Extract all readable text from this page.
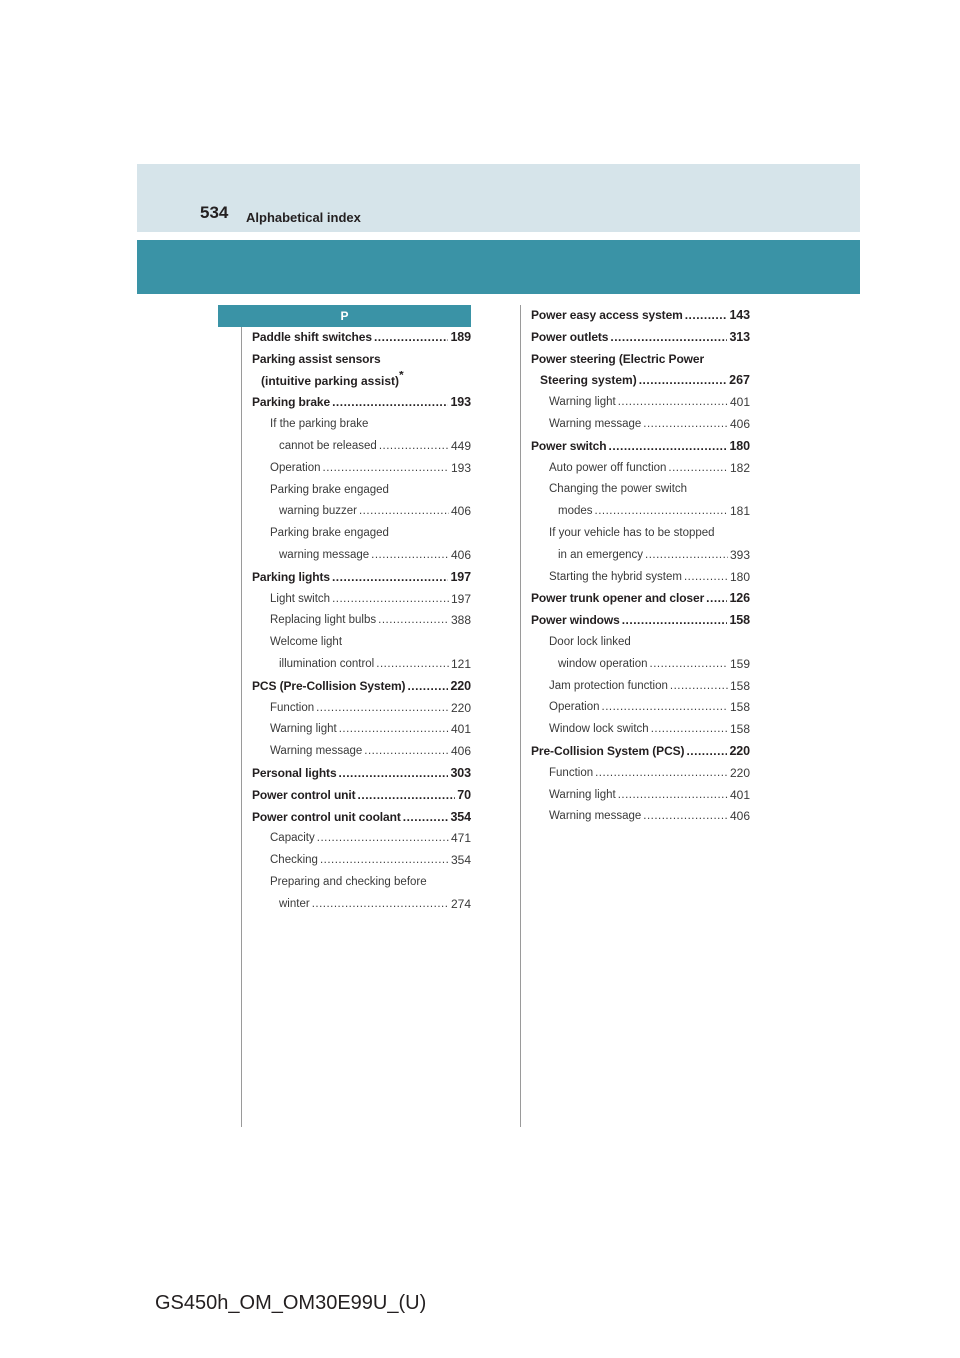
534 Alphabetical index
P
Paddle shift switches .....	189
Parking assist sensors
(intuitive parking assist)*
Parking brake .....	193
If the parking brake
cannot be released .....	449
Operation .....	193
Parking brake engaged
warning buzzer .....	406
Parking brake engaged
warning message .....	406
Parking lights .....	197
Light switch .....	197
Replacing light bulbs .....	388
Welcome light
illumination control .....	121
PCS (Pre-Collision System) .....	220
Function .....	220
Warning light .....	401
Warning message .....	406
Personal lights .....	303
Power control unit .....	70
Power control unit coolant .....	354
Capacity .....	471
Checking .....	354
Preparing and checking before
winter .....	274
Power easy access system .....	143
Power outlets .....	313
Power steering (Electric Power
Steering system) .....	267
Warning light .....	401
Warning message .....	406
Power switch .....	180
Auto power off function .....	182
Changing the power switch
modes .....	181
If your vehicle has to be stopped
in an emergency .....	393
Starting the hybrid system .....	180
Power trunk opener and closer ..... 126
Power windows .....	158
Door lock linked
window operation .....	159
Jam protection function .....	158
Operation .....	158
Window lock switch .....	158
Pre-Collision System (PCS) .....	220
Function .....	220
Warning light .....	401
Warning message .....	406
GS450h_OM_OM30E99U_(U)
